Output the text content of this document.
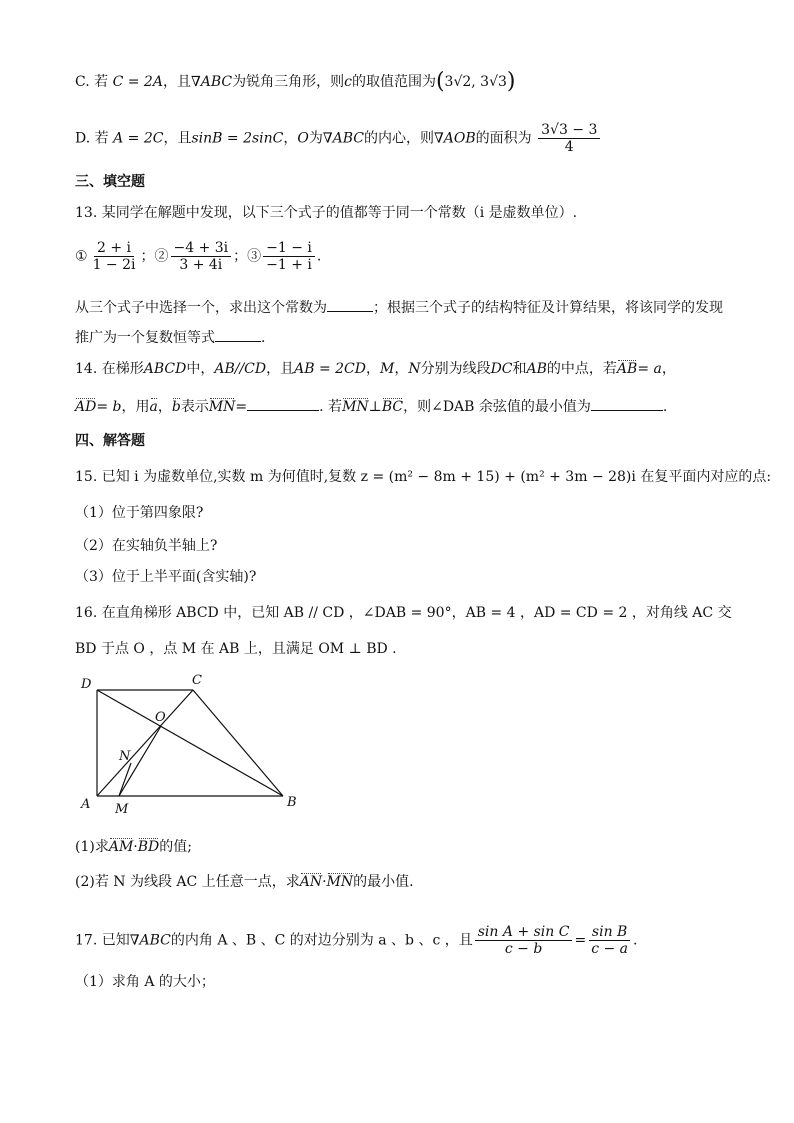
C. 若 C = 2A，且∇ABC为锐角三角形，则c的取值范围为(3√2, 3√3)
D. 若 A = 2C，且sinB = 2sinC，O为∇ABC的内心，则∇AOB的面积为 $\frac{3√3 - 3}{4}$
三、填空题
13. 某同学在解题中发现，以下三个式子的值都等于同一个常数（i 是虚数单位）.
① $\frac{2 + i}{1 - 2i}$ ；② $\frac{-4 + 3i}{3 + 4i}$ ；③ $\frac{-1 - i}{-1 + i}$ .
从三个式子中选择一个，求出这个常数为	；根据三个式子的结构特征及计算结果，将该同学的发现
推广为一个复数恒等式	.
14. 在梯形ABCD中，AB//CD，且AB = 2CD，M，N分别为线段DC和AB的中点，若AB= a，
AD= b，用a，b表示MN=	. 若MN⊥BC，则∠DAB 余弦值的最小值为	.
四、解答题
15. 已知 i 为虚数单位,实数 m 为何值时,复数 z = (m² − 8m + 15) + (m² + 3m − 28)i 在复平面内对应的点:
（1）位于第四象限?
（2）在实轴负半轴上?
（3）位于上半平面(含实轴)?
16. 在直角梯形 ABCD 中，已知 AB // CD ，∠DAB = 90°，AB = 4 ，AD = CD = 2 ，对角线 AC 交
BD 于点 O ，点 M 在 AB 上，且满足 OM ⊥ BD .
D	C
O
N
A M	B
(1)求AM·BD的值;
(2)若 N 为线段 AC 上任意一点，求AN·MN的最小值.
17. 已知∇ABC的内角 A 、B 、C 的对边分别为 a 、b 、c ，且 $\frac{\text{sin A + sin C}}{c - b} = \frac{\text{sin B}}{c - a}$ .
（1）求角 A 的大小；
